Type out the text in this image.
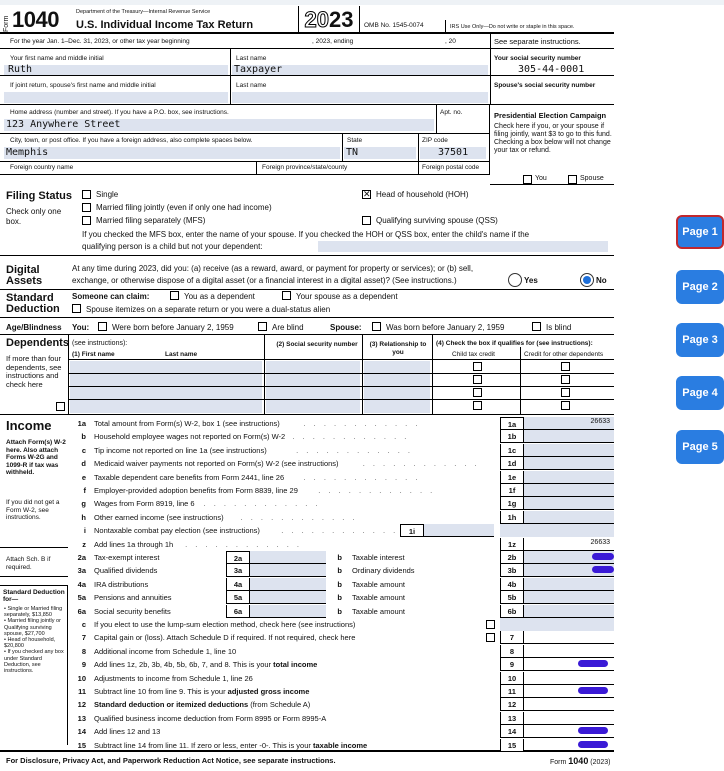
Form 1040	Department of the Treasury—Internal Revenue Service
U.S. Individual Income Tax Return 2023	OMB No. 1545-0074	IRS Use Only—Do not write or staple in this space.
For the year Jan. 1–Dec. 31, 2023, or other tax year beginning	, 2023, ending	, 20	See separate instructions.
Your first name and middle initial
Ruth
Last name
Taxpayer
Your social security number
305-44-0001
If joint return, spouse's first name and middle initial	Last name	Spouse's social security number
Home address (number and street). If you have a P.O. box, see instructions.
123 Anywhere Street
Apt. no.
City, town, or post office. If you have a foreign address, also complete spaces below.
Memphis
State
TN
ZIP code
37501
Foreign country name	Foreign province/state/county	Foreign postal code
Presidential Election Campaign
Check here if you, or your spouse if filing jointly, want $3 to go to this fund. Checking a box below will not change your tax or refund.
You	Spouse
Filing Status
Check only one box.
Single
Married filing jointly (even if only one had income)
Married filing separately (MFS)
✕
Head of household (HOH)
Qualifying surviving spouse (QSS)
If you checked the MFS box, enter the name of your spouse. If you checked the HOH or QSS box, enter the child's name if the
qualifying person is a child but not your dependent:
Digital
Assets
At any time during 2023, did you: (a) receive (as a reward, award, or payment for property or services); or (b) sell,
exchange, or otherwise dispose of a digital asset (or a financial interest in a digital asset)? (See instructions.)	Yes	No
Standard
Deduction
Someone can claim:	You as a dependent	Your spouse as a dependent
Spouse itemizes on a separate return or you were a dual-status alien
Age/Blindness You:	Were born before January 2, 1959	Are blind	Spouse:	Was born before January 2, 1959	Is blind
Dependents (see instructions):
(1) First name	Last name
(2) Social security number	(3) Relationship to you
(4) Check the box if qualifies for (see instructions):
Child tax credit	Credit for other dependents
If more than four dependents, see instructions and check here
Income
Attach Form(s) W-2 here. Also attach Forms W-2G and 1099-R if tax was withheld.
If you did not get a Form W-2, see instructions.
Attach Sch. B if required.
Standard Deduction for—
• Single or Married filing separately, $13,850
• Married filing jointly or Qualifying surviving spouse, $27,700
• Head of household, $20,800
• If you checked any box under Standard Deduction, see instructions.
1a Total amount from Form(s) W-2, box 1 (see instructions)	. . . . . . . . . . . .	1a	26633
b Household employee wages not reported on Form(s) W-2 . . . . . . . . . . . .	1b
c Tip income not reported on line 1a (see instructions)	. . . . . . . . . . . .	1c
d Medicaid waiver payments not reported on Form(s) W-2 (see instructions)	. . . . . . . . . . . .	1d
e Taxable dependent care benefits from Form 2441, line 26	. . . . . . . . . . . .	1e
f Employer-provided adoption benefits from Form 8839, line 29	. . . . . . . . . . . .	1f
g Wages from Form 8919, line 6 . . . . . . . . . . . .	1g
h Other earned income (see instructions) . . . . . . . . . . . .	1h
i Nontaxable combat pay election (see instructions)	. . . . . . . . . . . .	1i
z Add lines 1a through 1h . . . . . . . . . . . .	1z	26633
2a Tax-exempt interest	2a	b Taxable interest	2b
3a Qualified dividends	3a	b Ordinary dividends	3b
4a IRA distributions	4a	b Taxable amount	4b
5a Pensions and annuities	5a	b Taxable amount	5b
6a Social security benefits	6a	b Taxable amount	6b
c If you elect to use the lump-sum election method, check here (see instructions)
7 Capital gain or (loss). Attach Schedule D if required. If not required, check here	7
8 Additional income from Schedule 1, line 10	8
9 Add lines 1z, 2b, 3b, 4b, 5b, 6b, 7, and 8. This is your total income	9
10 Adjustments to income from Schedule 1, line 26	10
11 Subtract line 10 from line 9. This is your adjusted gross income	11
12 Standard deduction or itemized deductions (from Schedule A)	12
13 Qualified business income deduction from Form 8995 or Form 8995-A	13
14 Add lines 12 and 13	14
15 Subtract line 14 from line 11. If zero or less, enter -0-. This is your taxable income	15
For Disclosure, Privacy Act, and Paperwork Reduction Act Notice, see separate instructions.	Form 1040 (2023)
Page 1
Page 2
Page 3
Page 4
Page 5
